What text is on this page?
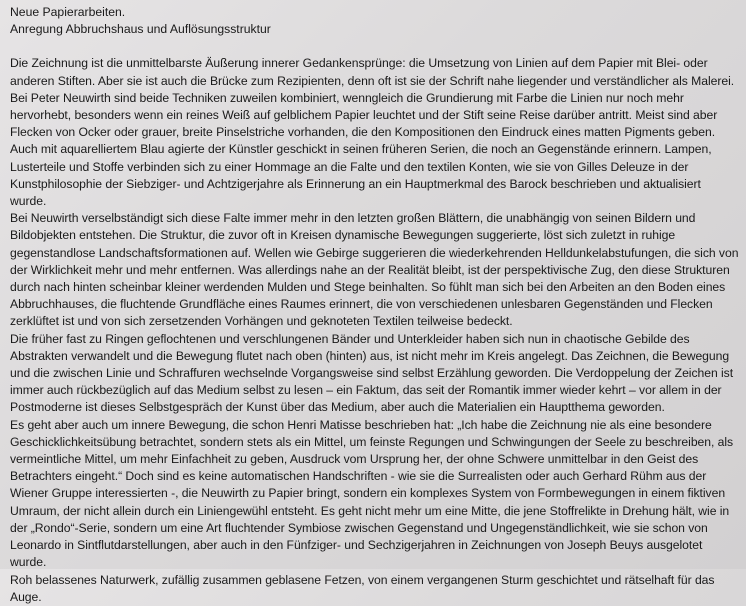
Neue Papierarbeiten.

Anregung Abbruchshaus und Auflösungsstruktur

Die Zeichnung ist die unmittelbarste Äußerung innerer Gedankensprünge: die Umsetzung von Linien auf dem Papier mit Blei- oder anderen Stiften. Aber sie ist auch die Brücke zum Rezipienten, denn oft ist sie der Schrift nahe liegender und verständlicher als Malerei. Bei Peter Neuwirth sind beide Techniken zuweilen kombiniert, wenngleich die Grundierung mit Farbe die Linien nur noch mehr hervorhebt, besonders wenn ein reines Weiß auf gelblichem Papier leuchtet und der Stift seine Reise darüber antritt. Meist sind aber Flecken von Ocker oder grauer, breite Pinselstriche vorhanden, die den Kompositionen den Eindruck eines matten Pigments geben. Auch mit aquarelliertem Blau agierte der Künstler geschickt in seinen früheren Serien, die noch an Gegenstände erinnern. Lampen, Lusterteile und Stoffe verbinden sich zu einer Hommage an die Falte und den textilen Konten, wie sie von Gilles Deleuze in der Kunstphilosophie der Siebziger- und Achtzigerjahre als Erinnerung an ein Hauptmerkmal des Barock beschrieben und aktualisiert wurde.

Bei Neuwirth verselbständigt sich diese Falte immer mehr in den letzten großen Blättern, die unabhängig von seinen Bildern und Bildobjekten entstehen. Die Struktur, die zuvor oft in Kreisen dynamische Bewegungen suggerierte, löst sich zuletzt in ruhige gegenstandlose Landschaftsformationen auf. Wellen wie Gebirge suggerieren die wiederkehrenden Helldunkelabstufungen, die sich von der Wirklichkeit mehr und mehr entfernen. Was allerdings nahe an der Realität bleibt, ist der perspektivische Zug, den diese Strukturen durch nach hinten scheinbar kleiner werdenden Mulden und Stege beinhalten. So fühlt man sich bei den Arbeiten an den Boden eines Abbruchhauses, die fluchtende Grundfläche eines Raumes erinnert, die von verschiedenen unlesbaren Gegenständen und Flecken zerklüftet ist und von sich zersetzenden Vorhängen und geknoteten Textilen teilweise bedeckt.

Die früher fast zu Ringen geflochtenen und verschlungenen Bänder und Unterkleider haben sich nun in chaotische Gebilde des Abstrakten verwandelt und die Bewegung flutet nach oben (hinten) aus, ist nicht mehr im Kreis angelegt. Das Zeichnen, die Bewegung und die zwischen Linie und Schraffuren wechselnde Vorgangsweise sind selbst Erzählung geworden. Die Verdoppelung der Zeichen ist immer auch rückbezüglich auf das Medium selbst zu lesen – ein Faktum, das seit der Romantik immer wieder kehrt – vor allem in der Postmoderne ist dieses Selbstgespräch der Kunst über das Medium, aber auch die Materialien ein Hauptthema geworden.

Es geht aber auch um innere Bewegung, die schon Henri Matisse beschrieben hat: „Ich habe die Zeichnung nie als eine besondere Geschicklichkeitsübung betrachtet, sondern stets als ein Mittel, um feinste Regungen und Schwingungen der Seele zu beschreiben, als vermeintliche Mittel, um mehr Einfachheit zu geben, Ausdruck vom Ursprung her, der ohne Schwere unmittelbar in den Geist des Betrachters eingeht.“ Doch sind es keine automatischen Handschriften - wie sie die Surrealisten oder auch Gerhard Rühm aus der Wiener Gruppe interessierten -, die Neuwirth zu Papier bringt, sondern ein komplexes System von Formbewegungen in einem fiktiven Umraum, der nicht allein durch ein Liniengewühl entsteht. Es geht nicht mehr um eine Mitte, die jene Stoffrelikte in Drehung hält, wie in der „Rondo“-Serie, sondern um eine Art fluchtender Symbiose zwischen Gegenstand und Ungegenständlichkeit, wie sie schon von Leonardo in Sintflutdarstellungen, aber auch in den Fünfziger- und Sechzigerjahren in Zeichnungen von Joseph Beuys ausgelotet wurde.

Roh belassenes Naturwerk, zufällig zusammen geblasene Fetzen, von einem vergangenen Sturm geschichtet und rätselhaft für das Auge.
